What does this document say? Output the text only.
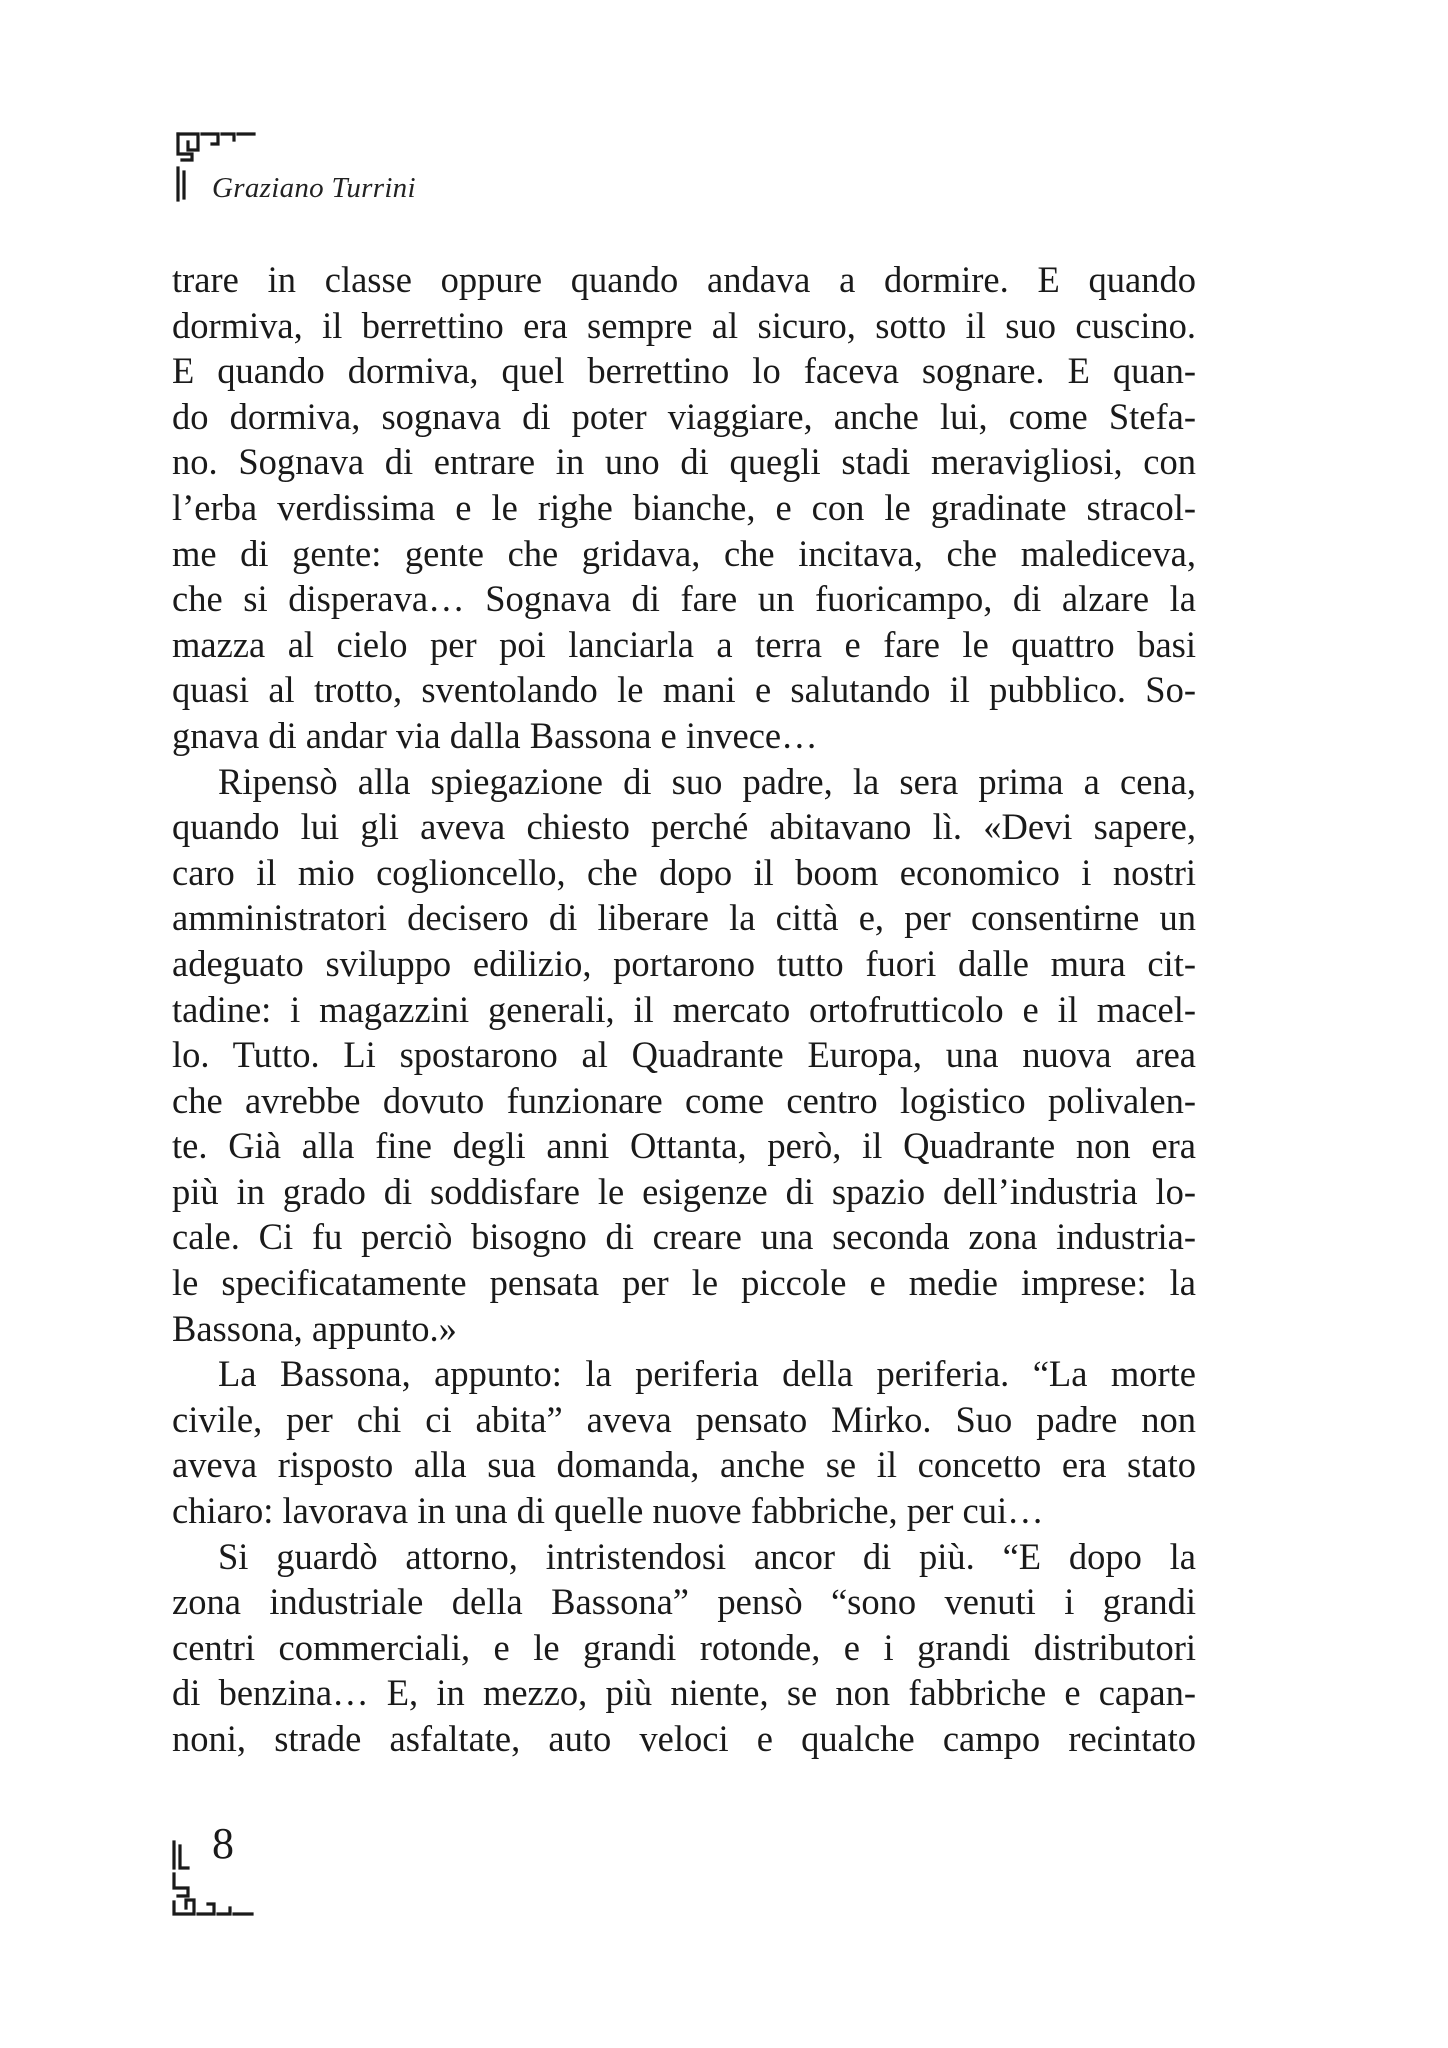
Graziano Turrini
trare in classe oppure quando andava a dormire. E quando
dormiva, il berrettino era sempre al sicuro, sotto il suo cuscino.
E quando dormiva, quel berrettino lo faceva sognare. E quan-
do dormiva, sognava di poter viaggiare, anche lui, come Stefa-
no. Sognava di entrare in uno di quegli stadi meravigliosi, con
l’erba verdissima e le righe bianche, e con le gradinate stracol-
me di gente: gente che gridava, che incitava, che malediceva,
che si disperava… Sognava di fare un fuoricampo, di alzare la
mazza al cielo per poi lanciarla a terra e fare le quattro basi
quasi al trotto, sventolando le mani e salutando il pubblico. So-
gnava di andar via dalla Bassona e invece…
Ripensò alla spiegazione di suo padre, la sera prima a cena,
quando lui gli aveva chiesto perché abitavano lì. «Devi sapere,
caro il mio coglioncello, che dopo il boom economico i nostri
amministratori decisero di liberare la città e, per consentirne un
adeguato sviluppo edilizio, portarono tutto fuori dalle mura cit-
tadine: i magazzini generali, il mercato ortofrutticolo e il macel-
lo. Tutto. Li spostarono al Quadrante Europa, una nuova area
che avrebbe dovuto funzionare come centro logistico polivalen-
te. Già alla fine degli anni Ottanta, però, il Quadrante non era
più in grado di soddisfare le esigenze di spazio dell’industria lo-
cale. Ci fu perciò bisogno di creare una seconda zona industria-
le specificatamente pensata per le piccole e medie imprese: la
Bassona, appunto.»
La Bassona, appunto: la periferia della periferia. “La morte
civile, per chi ci abita” aveva pensato Mirko. Suo padre non
aveva risposto alla sua domanda, anche se il concetto era stato
chiaro: lavorava in una di quelle nuove fabbriche, per cui…
Si guardò attorno, intristendosi ancor di più. “E dopo la
zona industriale della Bassona” pensò “sono venuti i grandi
centri commerciali, e le grandi rotonde, e i grandi distributori
di benzina… E, in mezzo, più niente, se non fabbriche e capan-
noni, strade asfaltate, auto veloci e qualche campo recintato
8
